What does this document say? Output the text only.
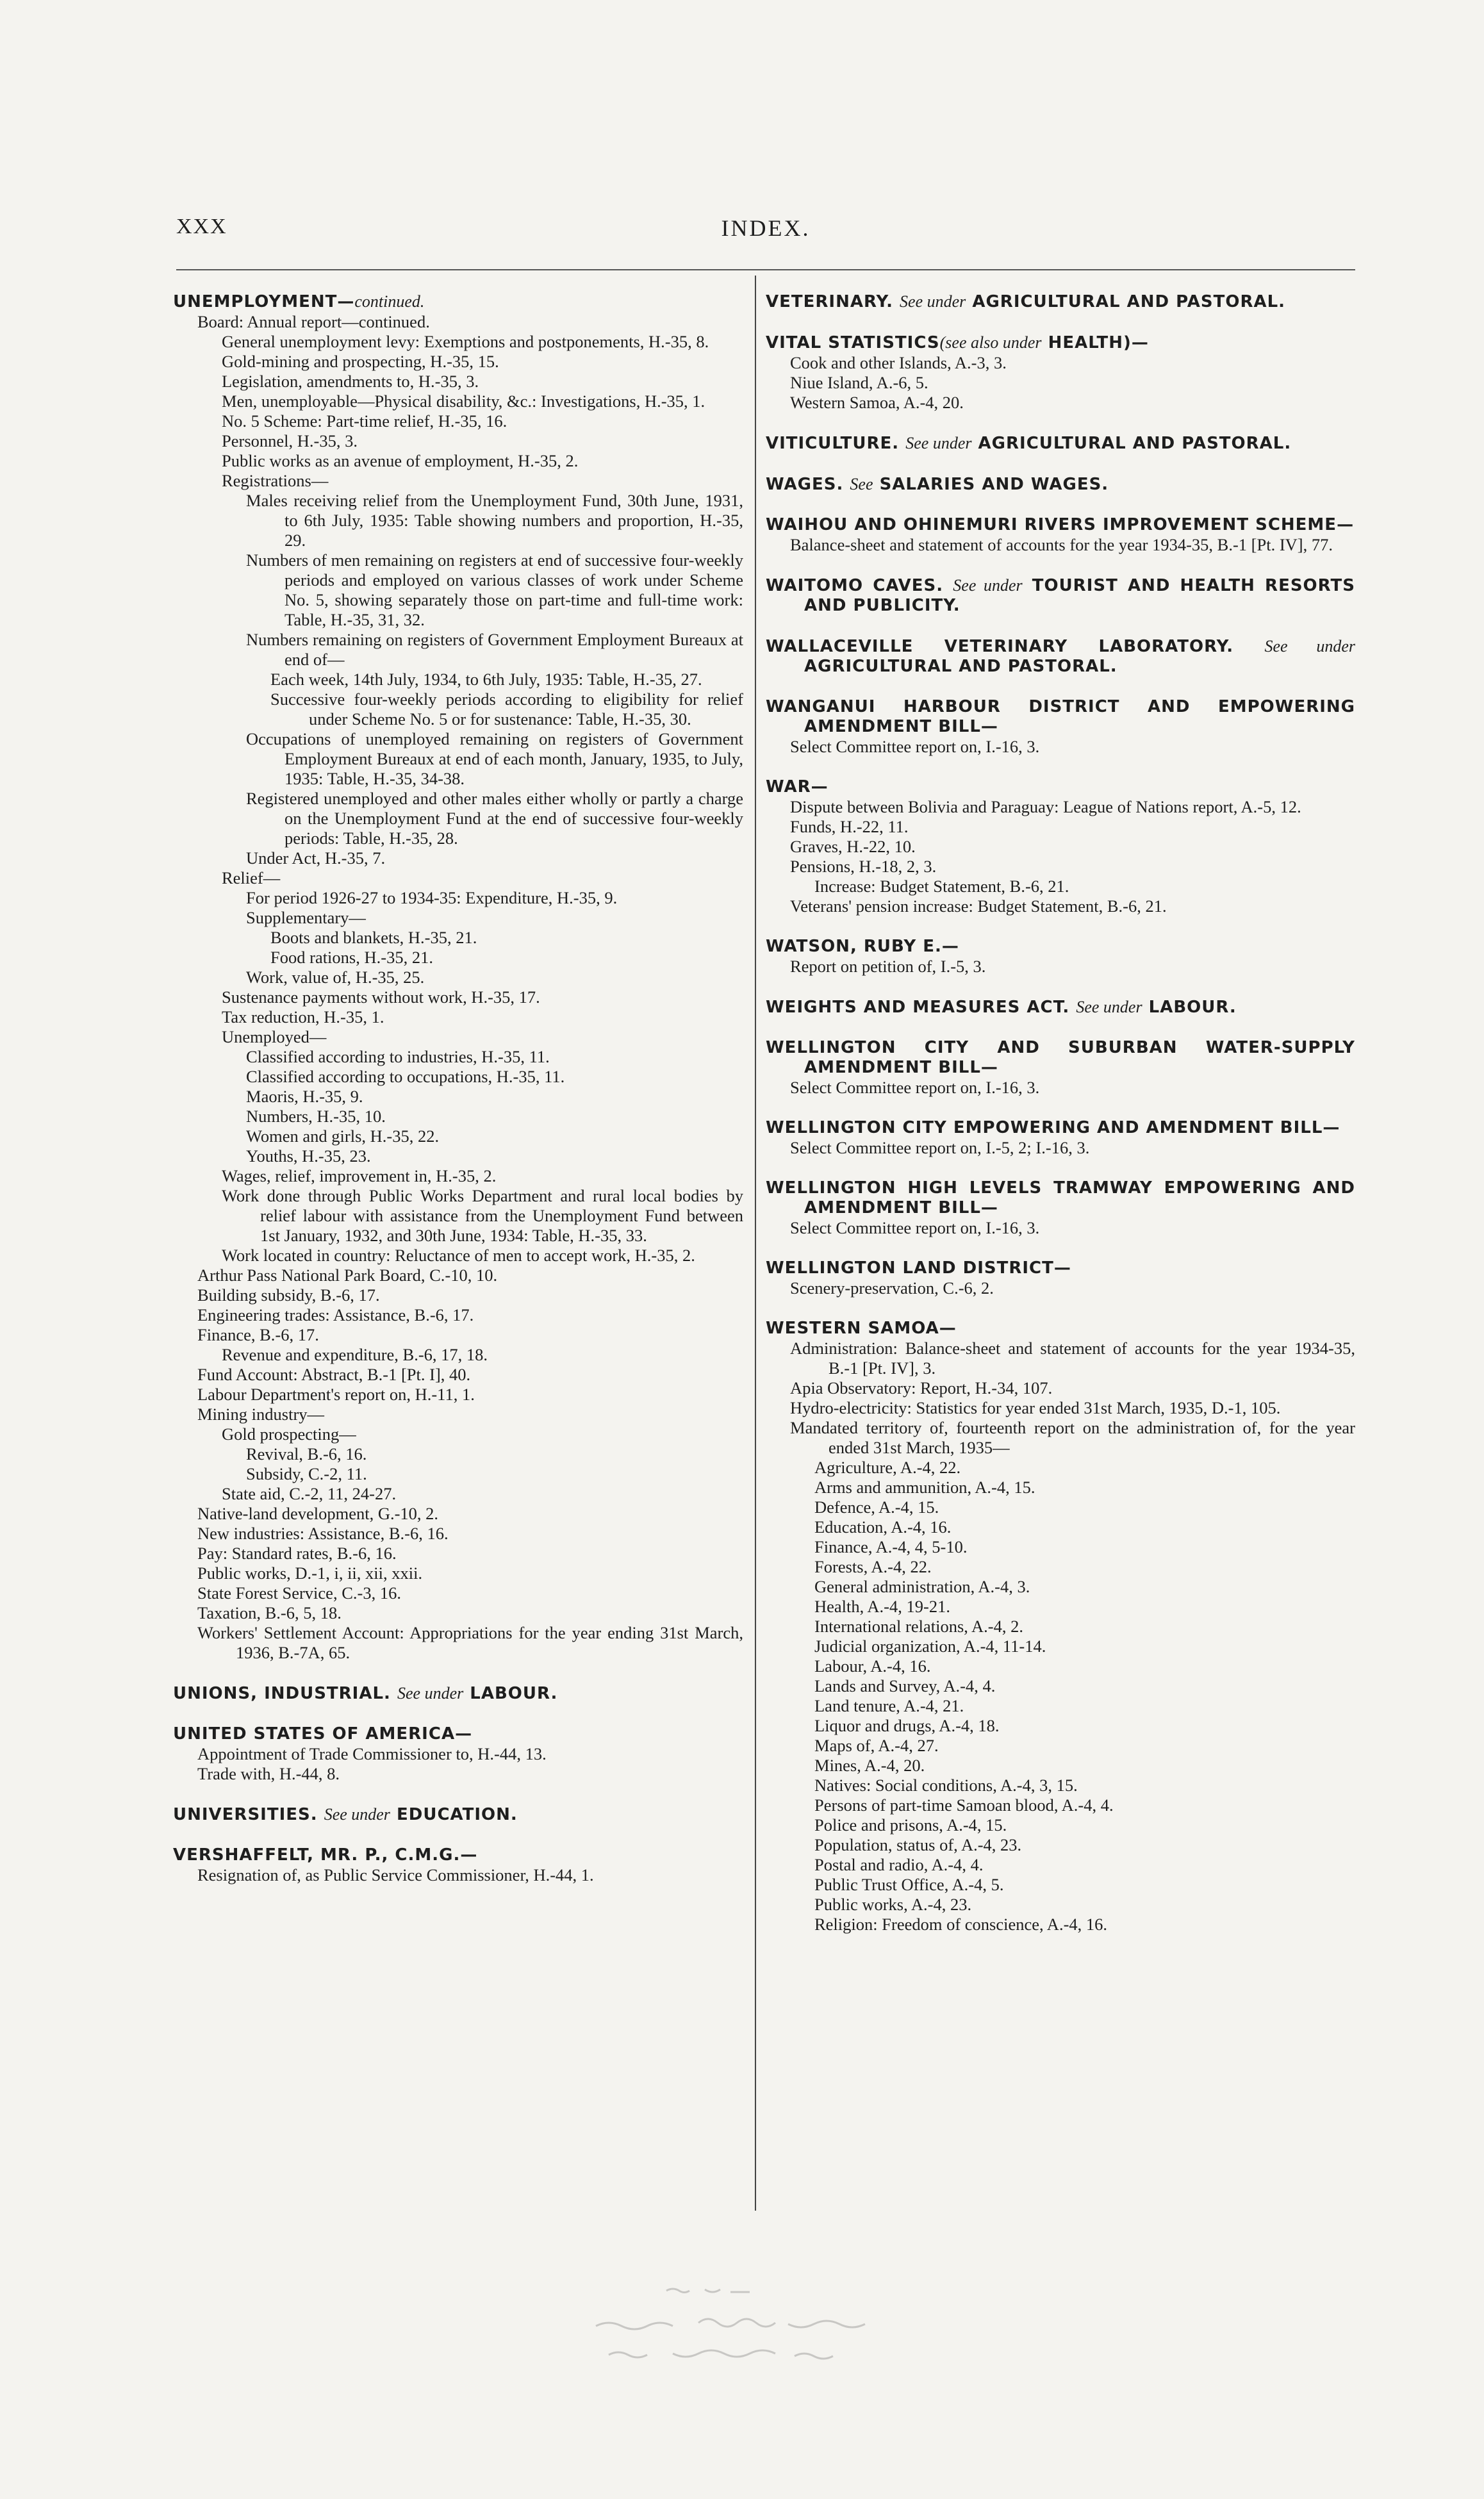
XXX	INDEX.
UNEMPLOYMENT—continued.
Board: Annual report—continued.
General unemployment levy: Exemptions and postponements, H.-35, 8.
Gold-mining and prospecting, H.-35, 15.
Legislation, amendments to, H.-35, 3.
Men, unemployable—Physical disability, &c.: Investigations, H.-35, 1.
No. 5 Scheme: Part-time relief, H.-35, 16.
Personnel, H.-35, 3.
Public works as an avenue of employment, H.-35, 2.
Registrations—
Males receiving relief from the Unemployment Fund, 30th June, 1931, to 6th July, 1935: Table showing numbers and proportion, H.-35, 29.
Numbers of men remaining on registers at end of successive four-weekly periods and employed on various classes of work under Scheme No. 5, showing separately those on part-time and full-time work: Table, H.-35, 31, 32.
Numbers remaining on registers of Government Employment Bureaux at end of—
Each week, 14th July, 1934, to 6th July, 1935: Table, H.-35, 27.
Successive four-weekly periods according to eligibility for relief under Scheme No. 5 or for sustenance: Table, H.-35, 30.
Occupations of unemployed remaining on registers of Government Employment Bureaux at end of each month, January, 1935, to July, 1935: Table, H.-35, 34-38.
Registered unemployed and other males either wholly or partly a charge on the Unemployment Fund at the end of successive four-weekly periods: Table, H.-35, 28.
Under Act, H.-35, 7.
Relief—
For period 1926-27 to 1934-35: Expenditure, H.-35, 9.
Supplementary—
Boots and blankets, H.-35, 21.
Food rations, H.-35, 21.
Work, value of, H.-35, 25.
Sustenance payments without work, H.-35, 17.
Tax reduction, H.-35, 1.
Unemployed—
Classified according to industries, H.-35, 11.
Classified according to occupations, H.-35, 11.
Maoris, H.-35, 9.
Numbers, H.-35, 10.
Women and girls, H.-35, 22.
Youths, H.-35, 23.
Wages, relief, improvement in, H.-35, 2.
Work done through Public Works Department and rural local bodies by relief labour with assistance from the Unemployment Fund between 1st January, 1932, and 30th June, 1934: Table, H.-35, 33.
Work located in country: Reluctance of men to accept work, H.-35, 2.
Arthur Pass National Park Board, C.-10, 10.
Building subsidy, B.-6, 17.
Engineering trades: Assistance, B.-6, 17.
Finance, B.-6, 17.
Revenue and expenditure, B.-6, 17, 18.
Fund Account: Abstract, B.-1 [Pt. I], 40.
Labour Department's report on, H.-11, 1.
Mining industry—
Gold prospecting—
Revival, B.-6, 16.
Subsidy, C.-2, 11.
State aid, C.-2, 11, 24-27.
Native-land development, G.-10, 2.
New industries: Assistance, B.-6, 16.
Pay: Standard rates, B.-6, 16.
Public works, D.-1, i, ii, xii, xxii.
State Forest Service, C.-3, 16.
Taxation, B.-6, 5, 18.
Workers' Settlement Account: Appropriations for the year ending 31st March, 1936, B.-7A, 65.
UNIONS, INDUSTRIAL. See under LABOUR.
UNITED STATES OF AMERICA—
Appointment of Trade Commissioner to, H.-44, 13.
Trade with, H.-44, 8.
UNIVERSITIES. See under EDUCATION.
VERSHAFFELT, MR. P., C.M.G.—
Resignation of, as Public Service Commissioner, H.-44, 1.
VETERINARY. See under AGRICULTURAL AND PASTORAL.
VITAL STATISTICS(see also under HEALTH)—
Cook and other Islands, A.-3, 3.
Niue Island, A.-6, 5.
Western Samoa, A.-4, 20.
VITICULTURE. See under AGRICULTURAL AND PASTORAL.
WAGES. See SALARIES AND WAGES.
WAIHOU AND OHINEMURI RIVERS IMPROVEMENT SCHEME—
Balance-sheet and statement of accounts for the year 1934-35, B.-1 [Pt. IV], 77.
WAITOMO CAVES. See under TOURIST AND HEALTH RESORTS AND PUBLICITY.
WALLACEVILLE VETERINARY LABORATORY. See under AGRICULTURAL AND PASTORAL.
WANGANUI HARBOUR DISTRICT AND EMPOWERING AMENDMENT BILL—
Select Committee report on, I.-16, 3.
WAR—
Dispute between Bolivia and Paraguay: League of Nations report, A.-5, 12.
Funds, H.-22, 11.
Graves, H.-22, 10.
Pensions, H.-18, 2, 3.
Increase: Budget Statement, B.-6, 21.
Veterans' pension increase: Budget Statement, B.-6, 21.
WATSON, RUBY E.—
Report on petition of, I.-5, 3.
WEIGHTS AND MEASURES ACT. See under LABOUR.
WELLINGTON CITY AND SUBURBAN WATER-SUPPLY AMENDMENT BILL—
Select Committee report on, I.-16, 3.
WELLINGTON CITY EMPOWERING AND AMENDMENT BILL—
Select Committee report on, I.-5, 2; I.-16, 3.
WELLINGTON HIGH LEVELS TRAMWAY EMPOWERING AND AMENDMENT BILL—
Select Committee report on, I.-16, 3.
WELLINGTON LAND DISTRICT—
Scenery-preservation, C.-6, 2.
WESTERN SAMOA—
Administration: Balance-sheet and statement of accounts for the year 1934-35, B.-1 [Pt. IV], 3.
Apia Observatory: Report, H.-34, 107.
Hydro-electricity: Statistics for year ended 31st March, 1935, D.-1, 105.
Mandated territory of, fourteenth report on the administration of, for the year ended 31st March, 1935—
Agriculture, A.-4, 22.
Arms and ammunition, A.-4, 15.
Defence, A.-4, 15.
Education, A.-4, 16.
Finance, A.-4, 4, 5-10.
Forests, A.-4, 22.
General administration, A.-4, 3.
Health, A.-4, 19-21.
International relations, A.-4, 2.
Judicial organization, A.-4, 11-14.
Labour, A.-4, 16.
Lands and Survey, A.-4, 4.
Land tenure, A.-4, 21.
Liquor and drugs, A.-4, 18.
Maps of, A.-4, 27.
Mines, A.-4, 20.
Natives: Social conditions, A.-4, 3, 15.
Persons of part-time Samoan blood, A.-4, 4.
Police and prisons, A.-4, 15.
Population, status of, A.-4, 23.
Postal and radio, A.-4, 4.
Public Trust Office, A.-4, 5.
Public works, A.-4, 23.
Religion: Freedom of conscience, A.-4, 16.
